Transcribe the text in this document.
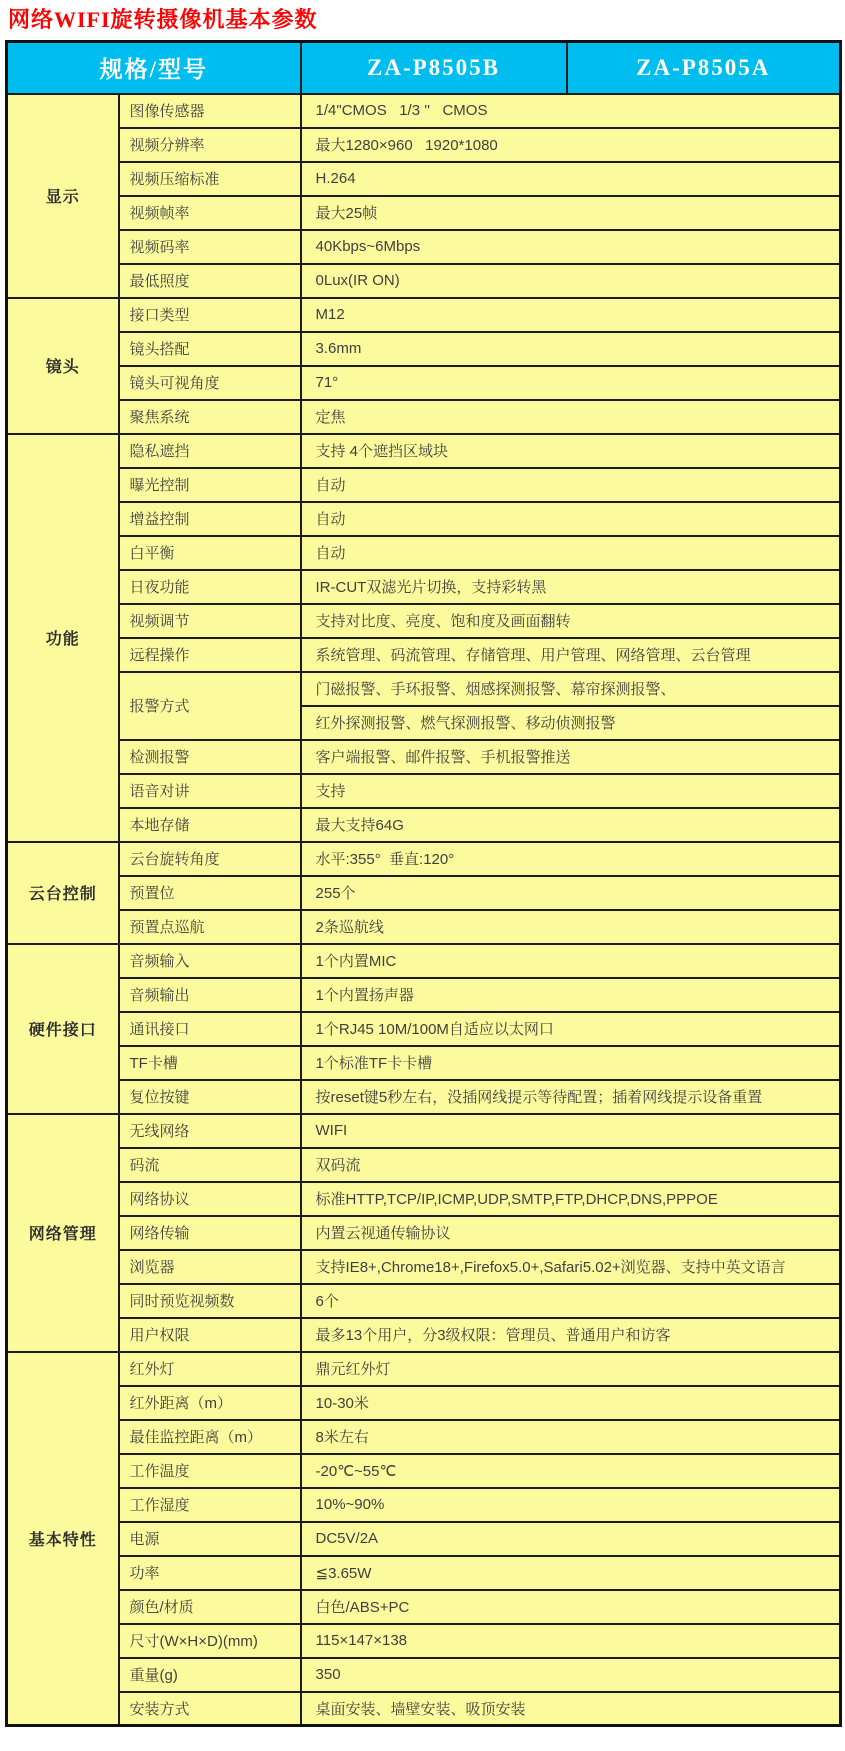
网络WIFI旋转摄像机基本参数
规格/型号		ZA-P8505B	ZA-P8505A
显示	图像传感器	1/4"CMOS   1/3 ''   CMOS	
	视频分辨率	最大1280×960   1920*1080	
	视频压缩标准	H.264	
	视频帧率	最大25帧	
	视频码率	40Kbps~6Mbps	
	最低照度	0Lux(IR ON)	
镜头	接口类型	M12	
	镜头搭配	3.6mm	
	镜头可视角度	71°	
	聚焦系统	定焦	
功能	隐私遮挡	支持 4个遮挡区域块	
	曝光控制	自动	
	增益控制	自动	
	白平衡	自动	
	日夜功能	IR-CUT双滤光片切换，支持彩转黑	
	视频调节	支持对比度、亮度、饱和度及画面翻转	
	远程操作	系统管理、码流管理、存储管理、用户管理、网络管理、云台管理	
	报警方式	门磁报警、手环报警、烟感探测报警、幕帘探测报警、	
		红外探测报警、燃气探测报警、移动侦测报警	
	检测报警	客户端报警、邮件报警、手机报警推送	
	语音对讲	支持	
	本地存储	最大支持64G	
云台控制	云台旋转角度	水平:355°  垂直:120°	
	预置位	255个	
	预置点巡航	2条巡航线	
硬件接口	音频输入	1个内置MIC	
	音频输出	1个内置扬声器	
	通讯接口	1个RJ45 10M/100M自适应以太网口	
	TF卡槽	1个标准TF卡卡槽	
	复位按键	按reset键5秒左右，没插网线提示等待配置；插着网线提示设备重置	
网络管理	无线网络	WIFI	
	码流	双码流	
	网络协议	标准HTTP,TCP/IP,ICMP,UDP,SMTP,FTP,DHCP,DNS,PPPOE	
	网络传输	内置云视通传输协议	
	浏览器	支持IE8+,Chrome18+,Firefox5.0+,Safari5.02+浏览器、支持中英文语言	
	同时预览视频数	6个	
	用户权限	最多13个用户，分3级权限：管理员、普通用户和访客	
基本特性	红外灯	鼎元红外灯	
	红外距离（m）	10-30米	
	最佳监控距离（m）	8米左右	
	工作温度	-20℃~55℃	
	工作湿度	10%~90%	
	电源	DC5V/2A	
	功率	≦3.65W	
	颜色/材质	白色/ABS+PC	
	尺寸(W×H×D)(mm)	115×147×138	
	重量(g)	350	
	安装方式	桌面安装、墙壁安装、吸顶安装	
